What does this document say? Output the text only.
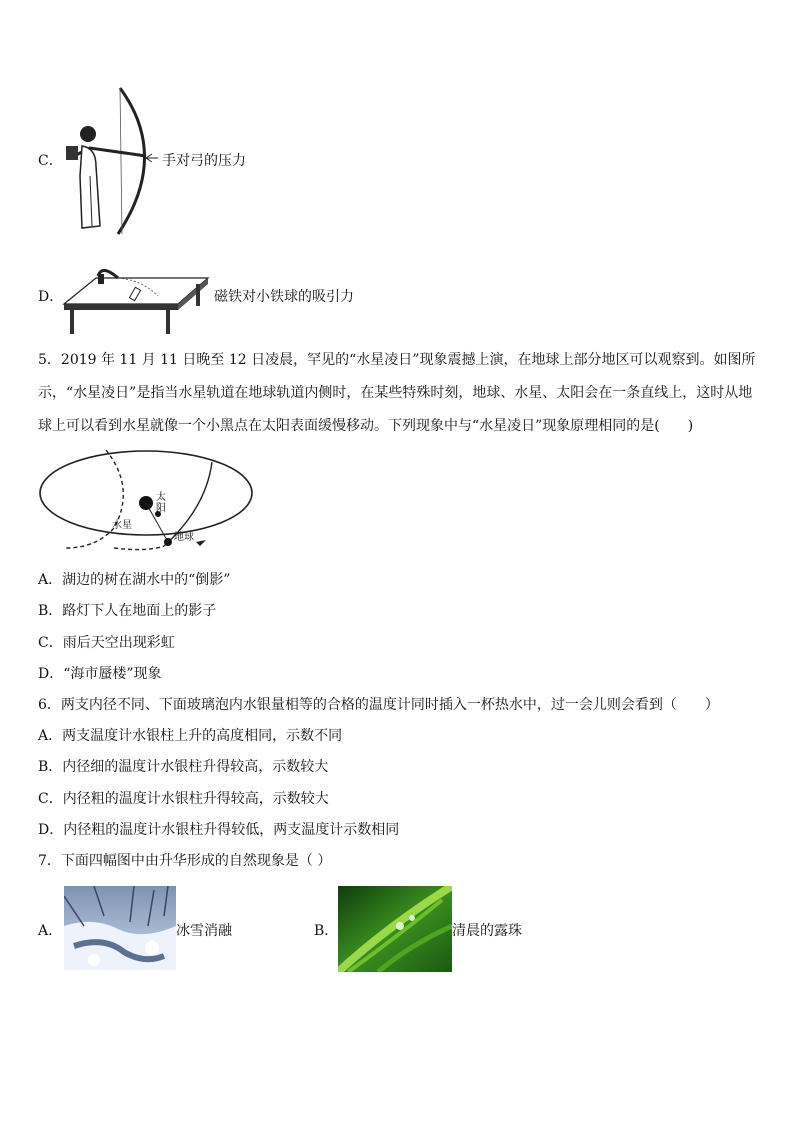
C．	手对弓的压力
D．	磁铁对小铁球的吸引力
5．2019 年 11 月 11 日晚至 12 日凌晨，罕见的“水星凌日”现象震撼上演，在地球上部分地区可以观察到。如图所示，“水星凌日”是指当水星轨道在地球轨道内侧时，在某些特殊时刻，地球、水星、太阳会在一条直线上，这时从地球上可以看到水星就像一个小黑点在太阳表面缓慢移动。下列现象中与“水星凌日”现象原理相同的是(　　)
太
阳
水星
地球
A．湖边的树在湖水中的“倒影”
B．路灯下人在地面上的影子
C．雨后天空出现彩虹
D．“海市蜃楼”现象
6．两支内径不同、下面玻璃泡内水银量相等的合格的温度计同时插入一杯热水中，过一会儿则会看到（　　）
A．两支温度计水银柱上升的高度相同，示数不同
B．内径细的温度计水银柱升得较高，示数较大
C．内径粗的温度计水银柱升得较高，示数较大
D．内径粗的温度计水银柱升得较低，两支温度计示数相同
7．下面四幅图中由升华形成的自然现象是（ ）
A．	冰雪消融	B．	清晨的露珠
